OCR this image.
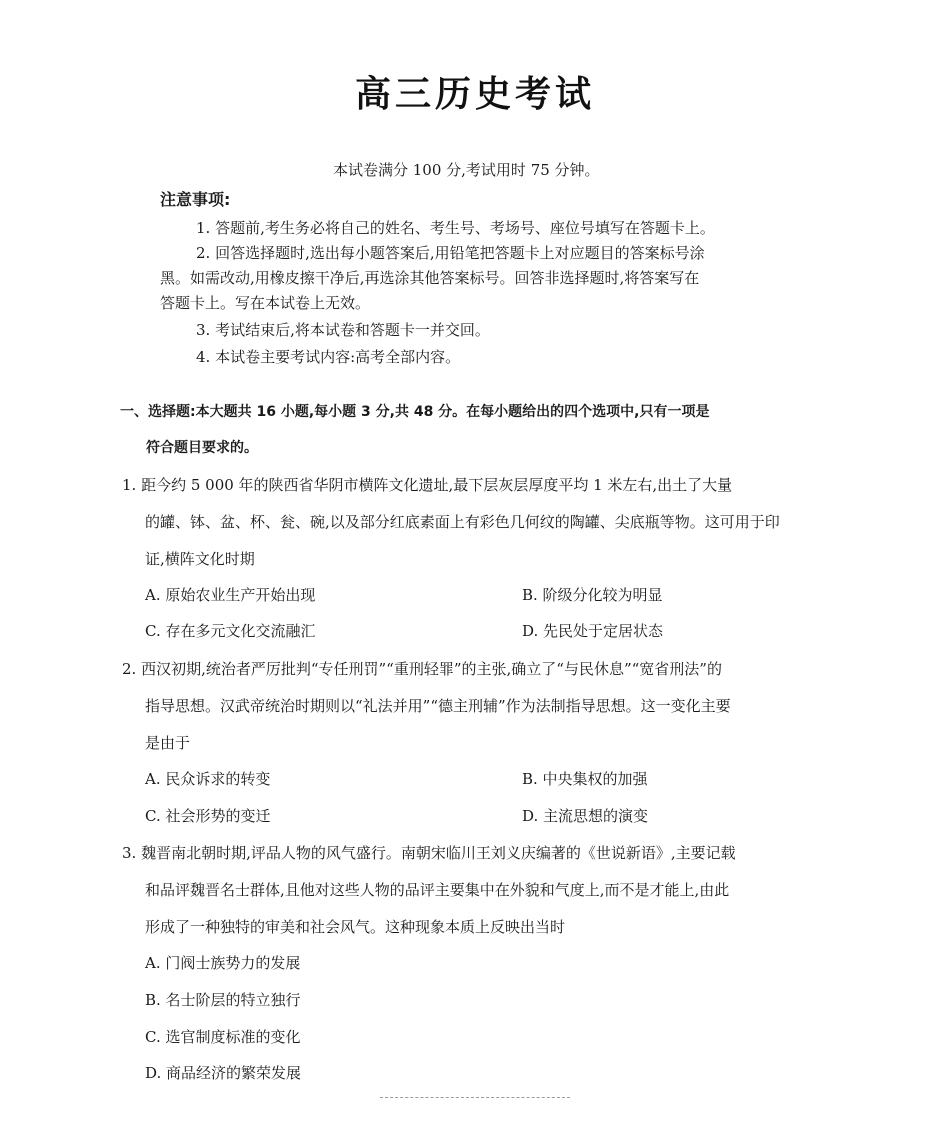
高三历史考试
本试卷满分 100 分,考试用时 75 分钟。
注意事项:
1. 答题前,考生务必将自己的姓名、考生号、考场号、座位号填写在答题卡上。
2. 回答选择题时,选出每小题答案后,用铅笔把答题卡上对应题目的答案标号涂
黑。如需改动,用橡皮擦干净后,再选涂其他答案标号。回答非选择题时,将答案写在
答题卡上。写在本试卷上无效。
3. 考试结束后,将本试卷和答题卡一并交回。
4. 本试卷主要考试内容:高考全部内容。
一、选择题:本大题共 16 小题,每小题 3 分,共 48 分。在每小题给出的四个选项中,只有一项是
符合题目要求的。
1. 距今约 5 000 年的陕西省华阴市横阵文化遗址,最下层灰层厚度平均 1 米左右,出土了大量
的罐、钵、盆、杯、瓮、碗,以及部分红底素面上有彩色几何纹的陶罐、尖底瓶等物。这可用于印
证,横阵文化时期
A. 原始农业生产开始出现	B. 阶级分化较为明显
C. 存在多元文化交流融汇	D. 先民处于定居状态
2. 西汉初期,统治者严厉批判“专任刑罚”“重刑轻罪”的主张,确立了“与民休息”“宽省刑法”的
指导思想。汉武帝统治时期则以“礼法并用”“德主刑辅”作为法制指导思想。这一变化主要
是由于
A. 民众诉求的转变	B. 中央集权的加强
C. 社会形势的变迁	D. 主流思想的演变
3. 魏晋南北朝时期,评品人物的风气盛行。南朝宋临川王刘义庆编著的《世说新语》,主要记载
和品评魏晋名士群体,且他对这些人物的品评主要集中在外貌和气度上,而不是才能上,由此
形成了一种独特的审美和社会风气。这种现象本质上反映出当时
A. 门阀士族势力的发展
B. 名士阶层的特立独行
C. 选官制度标准的变化
D. 商品经济的繁荣发展
